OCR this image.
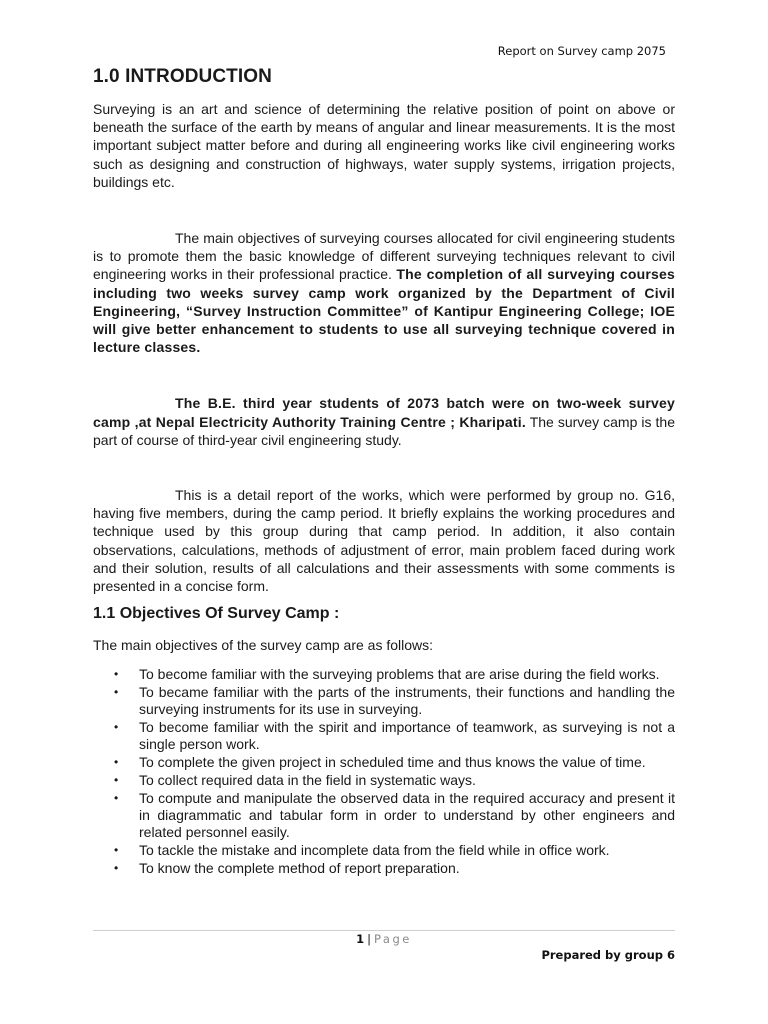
Report on Survey camp 2075
1.0 INTRODUCTION

Surveying is an art and science of determining the relative position of point on above or beneath the surface of the earth by means of angular and linear measurements. It is the most important subject matter before and during all engineering works like civil engineering works such as designing and construction of highways, water supply systems, irrigation projects, buildings etc.

The main objectives of surveying courses allocated for civil engineering students is to promote them the basic knowledge of different surveying techniques relevant to civil engineering works in their professional practice. The completion of all surveying courses including two weeks survey camp work organized by the Department of Civil Engineering, “Survey Instruction Committee” of Kantipur Engineering College; IOE will give better enhancement to students to use all surveying technique covered in lecture classes.

The B.E. third year students of 2073 batch were on two-week survey camp ,at Nepal Electricity Authority Training Centre ; Kharipati. The survey camp is the part of course of third-year civil engineering study.

This is a detail report of the works, which were performed by group no. G16, having five members, during the camp period. It briefly explains the working procedures and technique used by this group during that camp period. In addition, it also contain observations, calculations, methods of adjustment of error, main problem faced during work and their solution, results of all calculations and their assessments with some comments is presented in a concise form.

1.1 Objectives Of Survey Camp :

The main objectives of the survey camp are as follows:

• To become familiar with the surveying problems that are arise during the field works.
• To became familiar with the parts of the instruments, their functions and handling the surveying instruments for its use in surveying.
• To become familiar with the spirit and importance of teamwork, as surveying is not a single person work.
• To complete the given project in scheduled time and thus knows the value of time.
• To collect required data in the field in systematic ways.
• To compute and manipulate the observed data in the required accuracy and present it in diagrammatic and tabular form in order to understand by other engineers and related personnel easily.
• To tackle the mistake and incomplete data from the field while in office work.
• To know the complete method of report preparation.
1 | Page
Prepared by group 6
